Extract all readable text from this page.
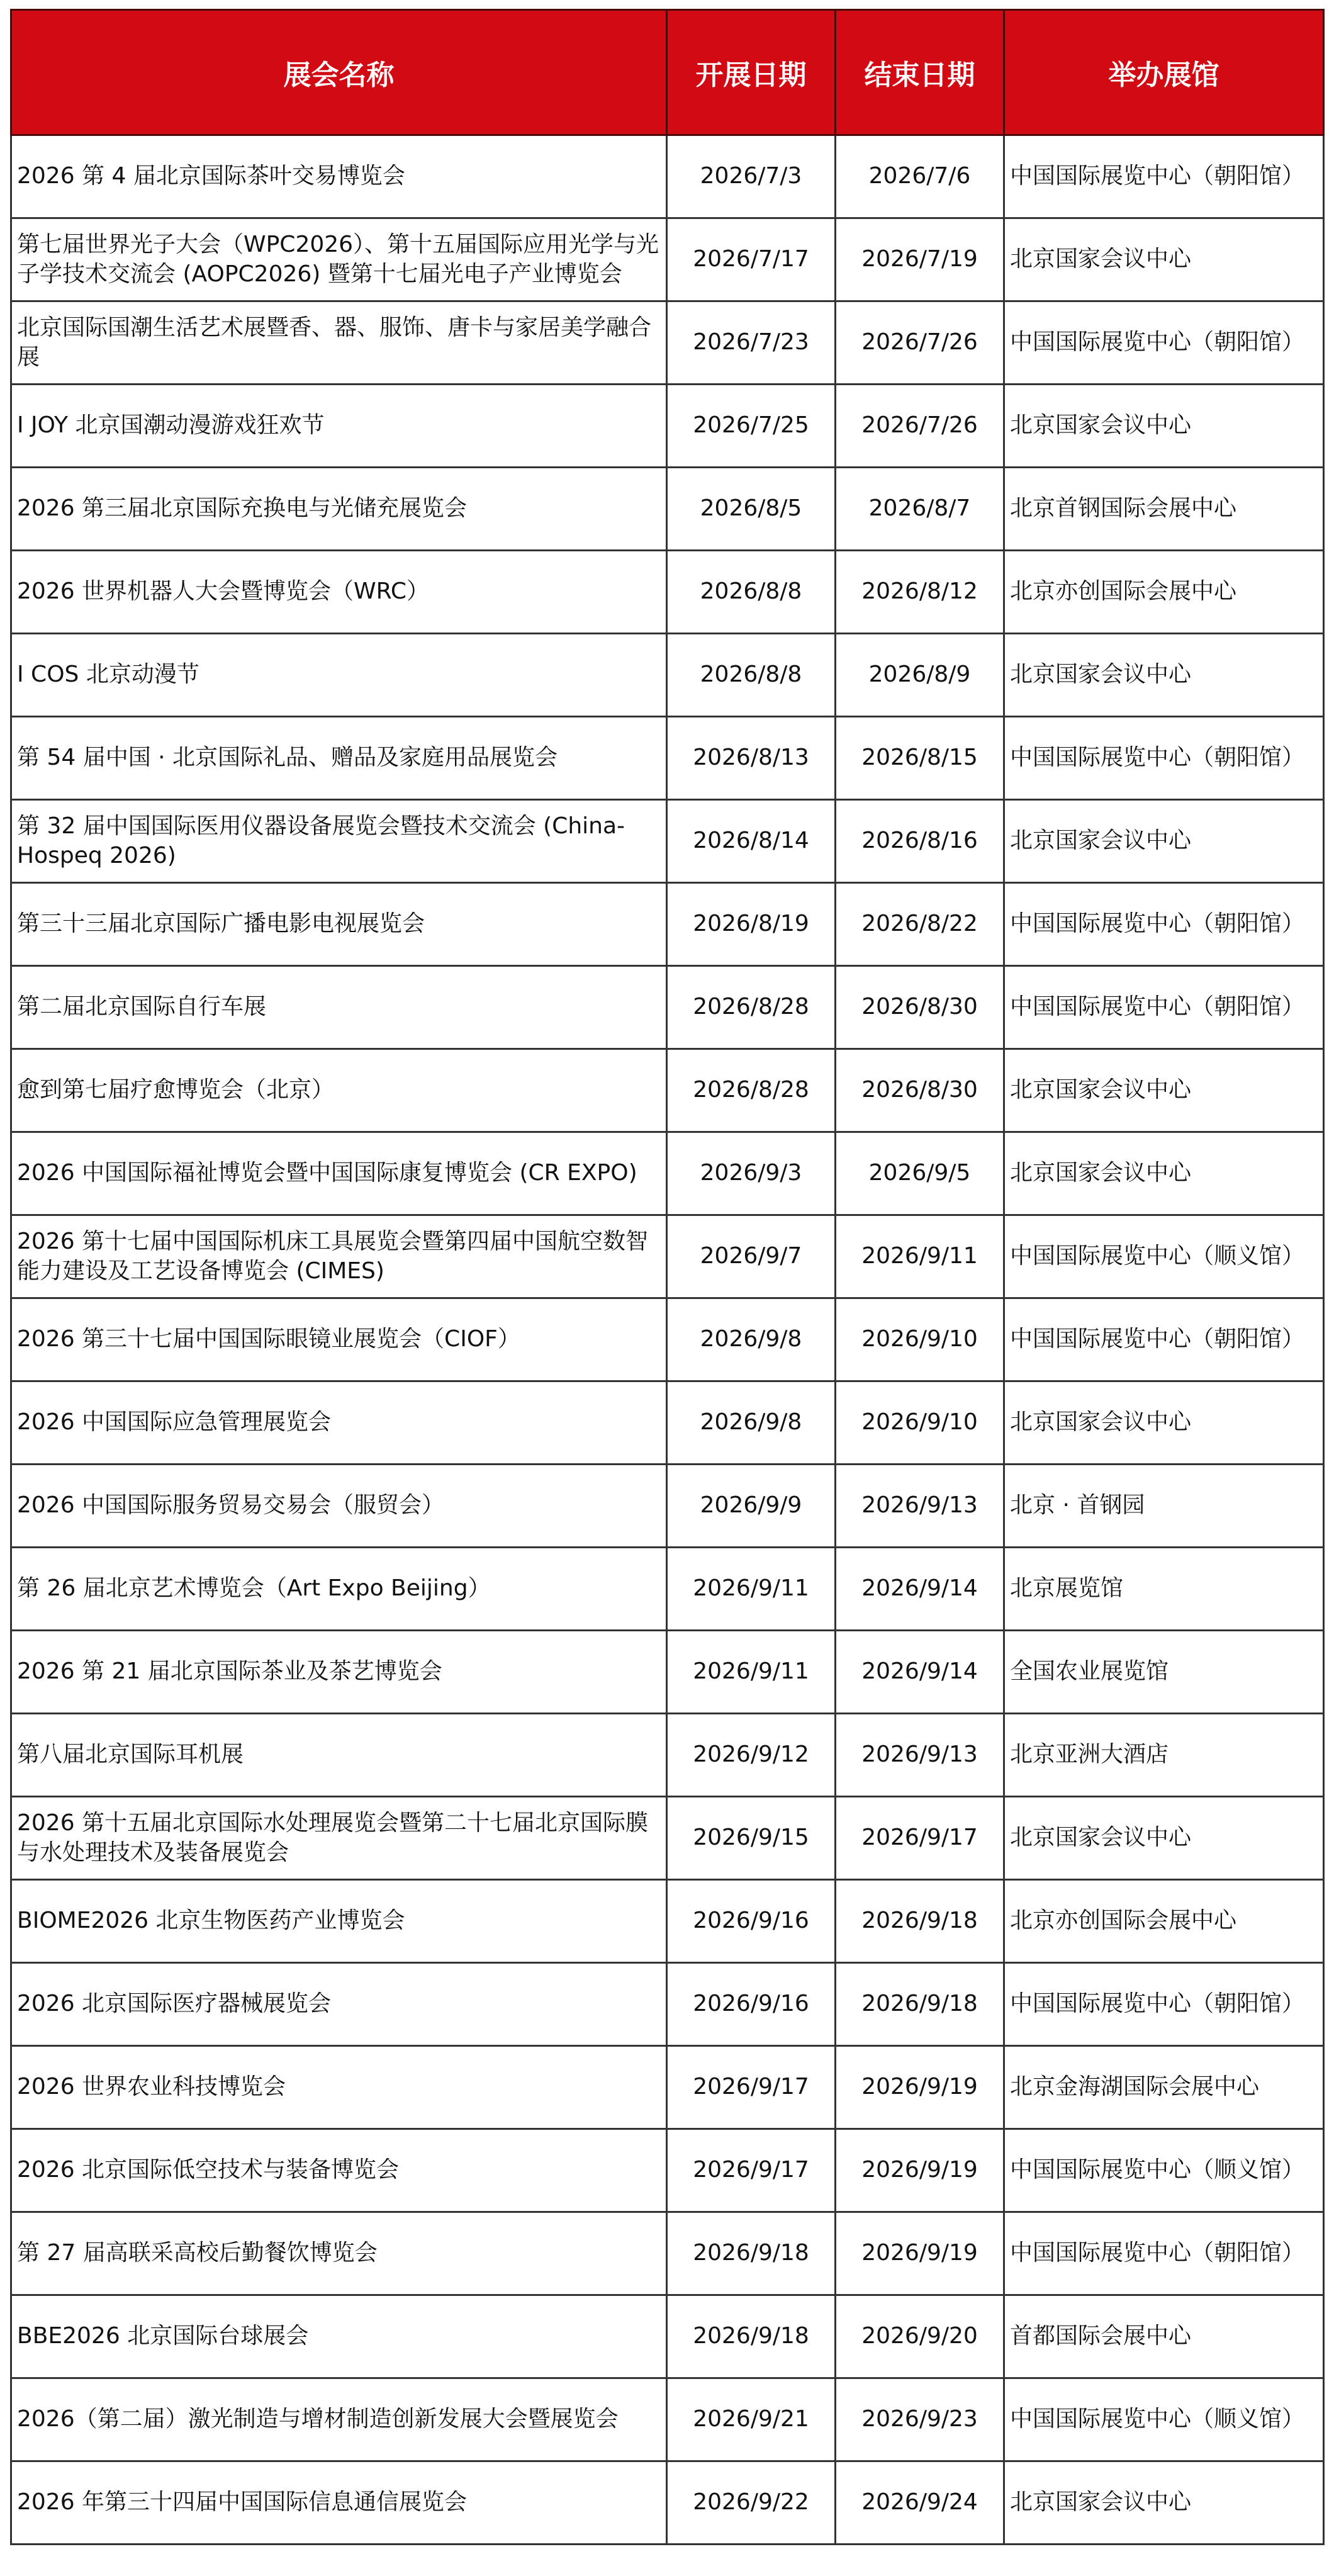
展会名称	开展日期	结束日期	举办展馆
2026 第 4 届北京国际茶叶交易博览会	2026/7/3	2026/7/6	中国国际展览中心（朝阳馆）
第七届世界光子大会（WPC2026）、第十五届国际应用光学与光子学技术交流会 (AOPC2026) 暨第十七届光电子产业博览会	2026/7/17	2026/7/19	北京国家会议中心
北京国际国潮生活艺术展暨香、器、服饰、唐卡与家居美学融合展	2026/7/23	2026/7/26	中国国际展览中心（朝阳馆）
I JOY 北京国潮动漫游戏狂欢节	2026/7/25	2026/7/26	北京国家会议中心
2026 第三届北京国际充换电与光储充展览会	2026/8/5	2026/8/7	北京首钢国际会展中心
2026 世界机器人大会暨博览会（WRC）	2026/8/8	2026/8/12	北京亦创国际会展中心
I COS 北京动漫节	2026/8/8	2026/8/9	北京国家会议中心
第 54 届中国 · 北京国际礼品、赠品及家庭用品展览会	2026/8/13	2026/8/15	中国国际展览中心（朝阳馆）
第 32 届中国国际医用仪器设备展览会暨技术交流会 (China-Hospeq 2026)	2026/8/14	2026/8/16	北京国家会议中心
第三十三届北京国际广播电影电视展览会	2026/8/19	2026/8/22	中国国际展览中心（朝阳馆）
第二届北京国际自行车展	2026/8/28	2026/8/30	中国国际展览中心（朝阳馆）
愈到第七届疗愈博览会（北京）	2026/8/28	2026/8/30	北京国家会议中心
2026 中国国际福祉博览会暨中国国际康复博览会 (CR EXPO)	2026/9/3	2026/9/5	北京国家会议中心
2026 第十七届中国国际机床工具展览会暨第四届中国航空数智能力建设及工艺设备博览会 (CIMES)	2026/9/7	2026/9/11	中国国际展览中心（顺义馆）
2026 第三十七届中国国际眼镜业展览会（CIOF）	2026/9/8	2026/9/10	中国国际展览中心（朝阳馆）
2026 中国国际应急管理展览会	2026/9/8	2026/9/10	北京国家会议中心
2026 中国国际服务贸易交易会（服贸会）	2026/9/9	2026/9/13	北京 · 首钢园
第 26 届北京艺术博览会（Art Expo Beijing）	2026/9/11	2026/9/14	北京展览馆
2026 第 21 届北京国际茶业及茶艺博览会	2026/9/11	2026/9/14	全国农业展览馆
第八届北京国际耳机展	2026/9/12	2026/9/13	北京亚洲大酒店
2026 第十五届北京国际水处理展览会暨第二十七届北京国际膜与水处理技术及装备展览会	2026/9/15	2026/9/17	北京国家会议中心
BIOME2026 北京生物医药产业博览会	2026/9/16	2026/9/18	北京亦创国际会展中心
2026 北京国际医疗器械展览会	2026/9/16	2026/9/18	中国国际展览中心（朝阳馆）
2026 世界农业科技博览会	2026/9/17	2026/9/19	北京金海湖国际会展中心
2026 北京国际低空技术与装备博览会	2026/9/17	2026/9/19	中国国际展览中心（顺义馆）
第 27 届高联采高校后勤餐饮博览会	2026/9/18	2026/9/19	中国国际展览中心（朝阳馆）
BBE2026 北京国际台球展会	2026/9/18	2026/9/20	首都国际会展中心
2026（第二届）激光制造与增材制造创新发展大会暨展览会	2026/9/21	2026/9/23	中国国际展览中心（顺义馆）
2026 年第三十四届中国国际信息通信展览会	2026/9/22	2026/9/24	北京国家会议中心
